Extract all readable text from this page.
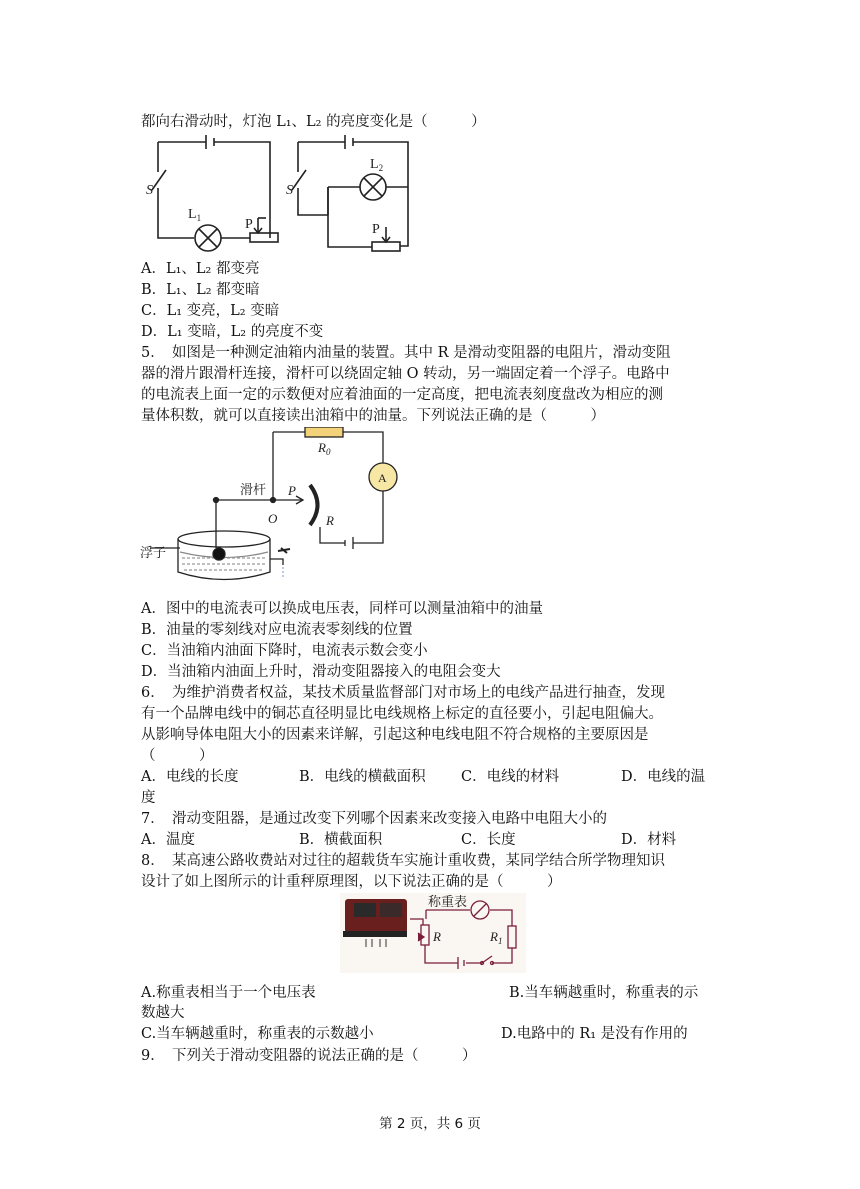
都向右滑动时，灯泡 L₁、L₂ 的亮度变化是（　　　）
S
$L_1$	P
S
$L_2$
P
A．L₁、L₂ 都变亮
B．L₁、L₂ 都变暗
C．L₁ 变亮，L₂ 变暗
D．L₁ 变暗，L₂ 的亮度不变
5．　如图是一种测定油箱内油量的装置。其中 R 是滑动变阻器的电阻片，滑动变阻
器的滑片跟滑杆连接，滑杆可以绕固定轴 O 转动，另一端固定着一个浮子。电路中
的电流表上面一定的示数便对应着油面的一定高度，把电流表刻度盘改为相应的测
量体积数，就可以直接读出油箱中的油量。下列说法正确的是（　　　）
$R_0$
A
滑杆 P
O	R
浮子
A．图中的电流表可以换成电压表，同样可以测量油箱中的油量
B．油量的零刻线对应电流表零刻线的位置
C．当油箱内油面下降时，电流表示数会变小
D．当油箱内油面上升时，滑动变阻器接入的电阻会变大
6．　为维护消费者权益，某技术质量监督部门对市场上的电线产品进行抽查，发现
有一个品牌电线中的铜芯直径明显比电线规格上标定的直径要小，引起电阻偏大。
从影响导体电阻大小的因素来详解，引起这种电线电阻不符合规格的主要原因是
（　　　）
A．电线的长度	B．电线的横截面积 C．电线的材料	D．电线的温
度
7．　滑动变阻器，是通过改变下列哪个因素来改变接入电路中电阻大小的
A．温度	B．横截面积	C．长度	D．材料
8．　某高速公路收费站对过往的超载货车实施计重收费，某同学结合所学物理知识
设计了如上图所示的计重秤原理图，以下说法正确的是（　　　）
称重表
R	$R_1$
A.称重表相当于一个电压表	B.当车辆越重时，称重表的示
数越大
C.当车辆越重时，称重表的示数越小	D.电路中的 R₁ 是没有作用的
9．　下列关于滑动变阻器的说法正确的是（　　　）
第 2 页，共 6 页
